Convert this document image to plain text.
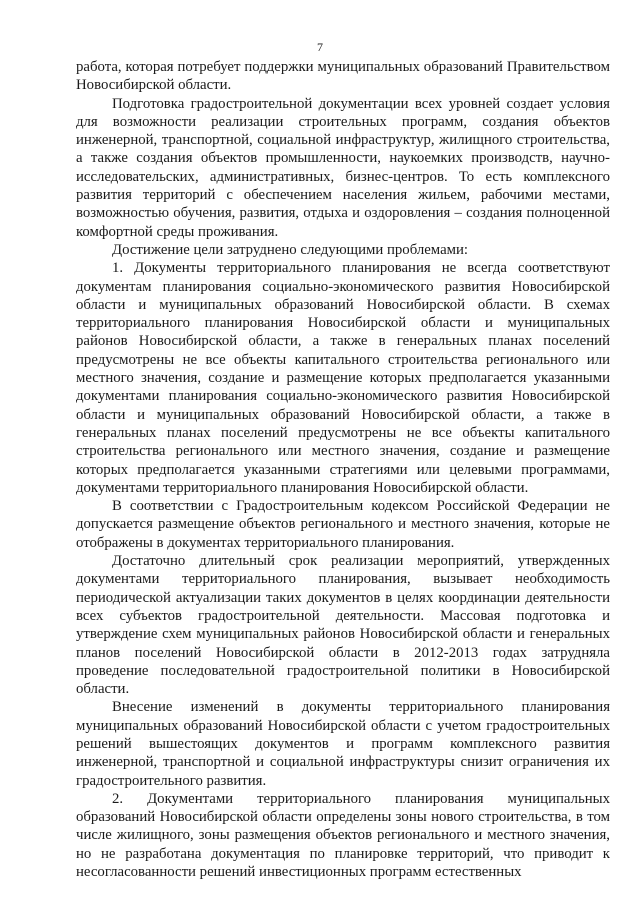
7

работа, которая потребует поддержки муниципальных образований Правительством Новосибирской области.

Подготовка градостроительной документации всех уровней создает условия для возможности реализации строительных программ, создания объектов инженерной, транспортной, социальной инфраструктур, жилищного строительства, а также создания объектов промышленности, наукоемких производств, научно-исследовательских, административных, бизнес-центров. То есть комплексного развития территорий с обеспечением населения жильем, рабочими местами, возможностью обучения, развития, отдыха и оздоровления – создания полноценной комфортной среды проживания.

Достижение цели затруднено следующими проблемами:

1. Документы территориального планирования не всегда соответствуют документам планирования социально-экономического развития Новосибирской области и муниципальных образований Новосибирской области. В схемах территориального планирования Новосибирской области и муниципальных районов Новосибирской области, а также в генеральных планах поселений предусмотрены не все объекты капитального строительства регионального или местного значения, создание и размещение которых предполагается указанными документами планирования социально-экономического развития Новосибирской области и муниципальных образований Новосибирской области, а также в генеральных планах поселений предусмотрены не все объекты капитального строительства регионального или местного значения, создание и размещение которых предполагается указанными стратегиями или целевыми программами, документами территориального планирования Новосибирской области.

В соответствии с Градостроительным кодексом Российской Федерации не допускается размещение объектов регионального и местного значения, которые не отображены в документах территориального планирования.

Достаточно длительный срок реализации мероприятий, утвержденных документами территориального планирования, вызывает необходимость периодической актуализации таких документов в целях координации деятельности всех субъектов градостроительной деятельности. Массовая подготовка и утверждение схем муниципальных районов Новосибирской области и генеральных планов поселений Новосибирской области в 2012-2013 годах затрудняла проведение последовательной градостроительной политики в Новосибирской области.

Внесение изменений в документы территориального планирования муниципальных образований Новосибирской области с учетом градостроительных решений вышестоящих документов и программ комплексного развития инженерной, транспортной и социальной инфраструктуры снизит ограничения их градостроительного развития.

2. Документами территориального планирования муниципальных образований Новосибирской области определены зоны нового строительства, в том числе жилищного, зоны размещения объектов регионального и местного значения, но не разработана документация по планировке территорий, что приводит к несогласованности решений инвестиционных программ естественных
